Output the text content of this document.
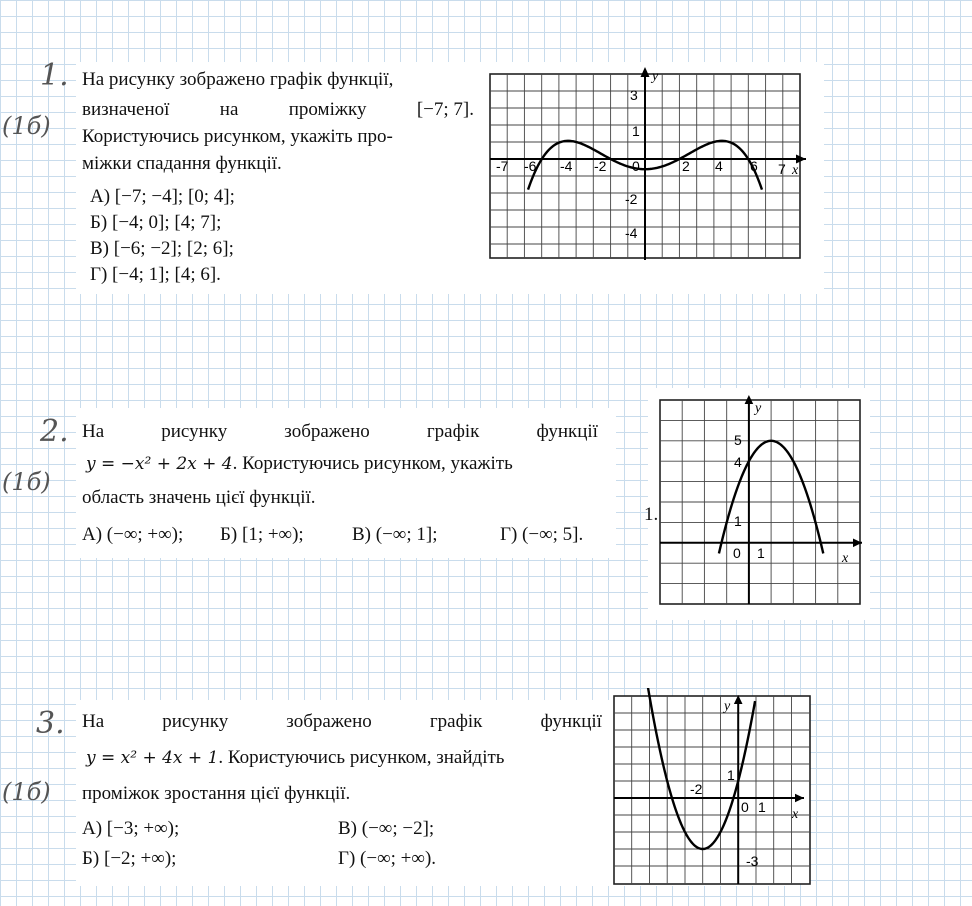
1.
(1б)
На рисунку зображено графік функції,
визначеної	на	проміжку	[−7; 7].
Користуючись рисунком, укажіть про-
міжки спадання функції.
А) [−7; −4]; [0; 4];
Б) [−4; 0]; [4; 7];
В) [−6; −2]; [2; 6];
Г) [−4; 1]; [4; 6].
y
x
3
1
-2
-4
-7 -6 -4 -2 0	2 4 6 7
2.
(1б)
На	рисунку	зображено	графік	функції
y = −x² + 2x + 4. Користуючись рисунком, укажіть
область значень цієї функції.
А) (−∞; +∞); Б) [1; +∞);	В) (−∞; 1];	Г) (−∞; 5].
1.
y
x
5
4
1
0 1
3.
(1б)
На	рисунку	зображено	графік	функції
y = x² + 4x + 1. Користуючись рисунком, знайдіть
проміжок зростання цієї функції.
А) [−3; +∞);
Б) [−2; +∞);
В) (−∞; −2];
Г) (−∞; +∞).
y
x
1
-3
-2
0 1
